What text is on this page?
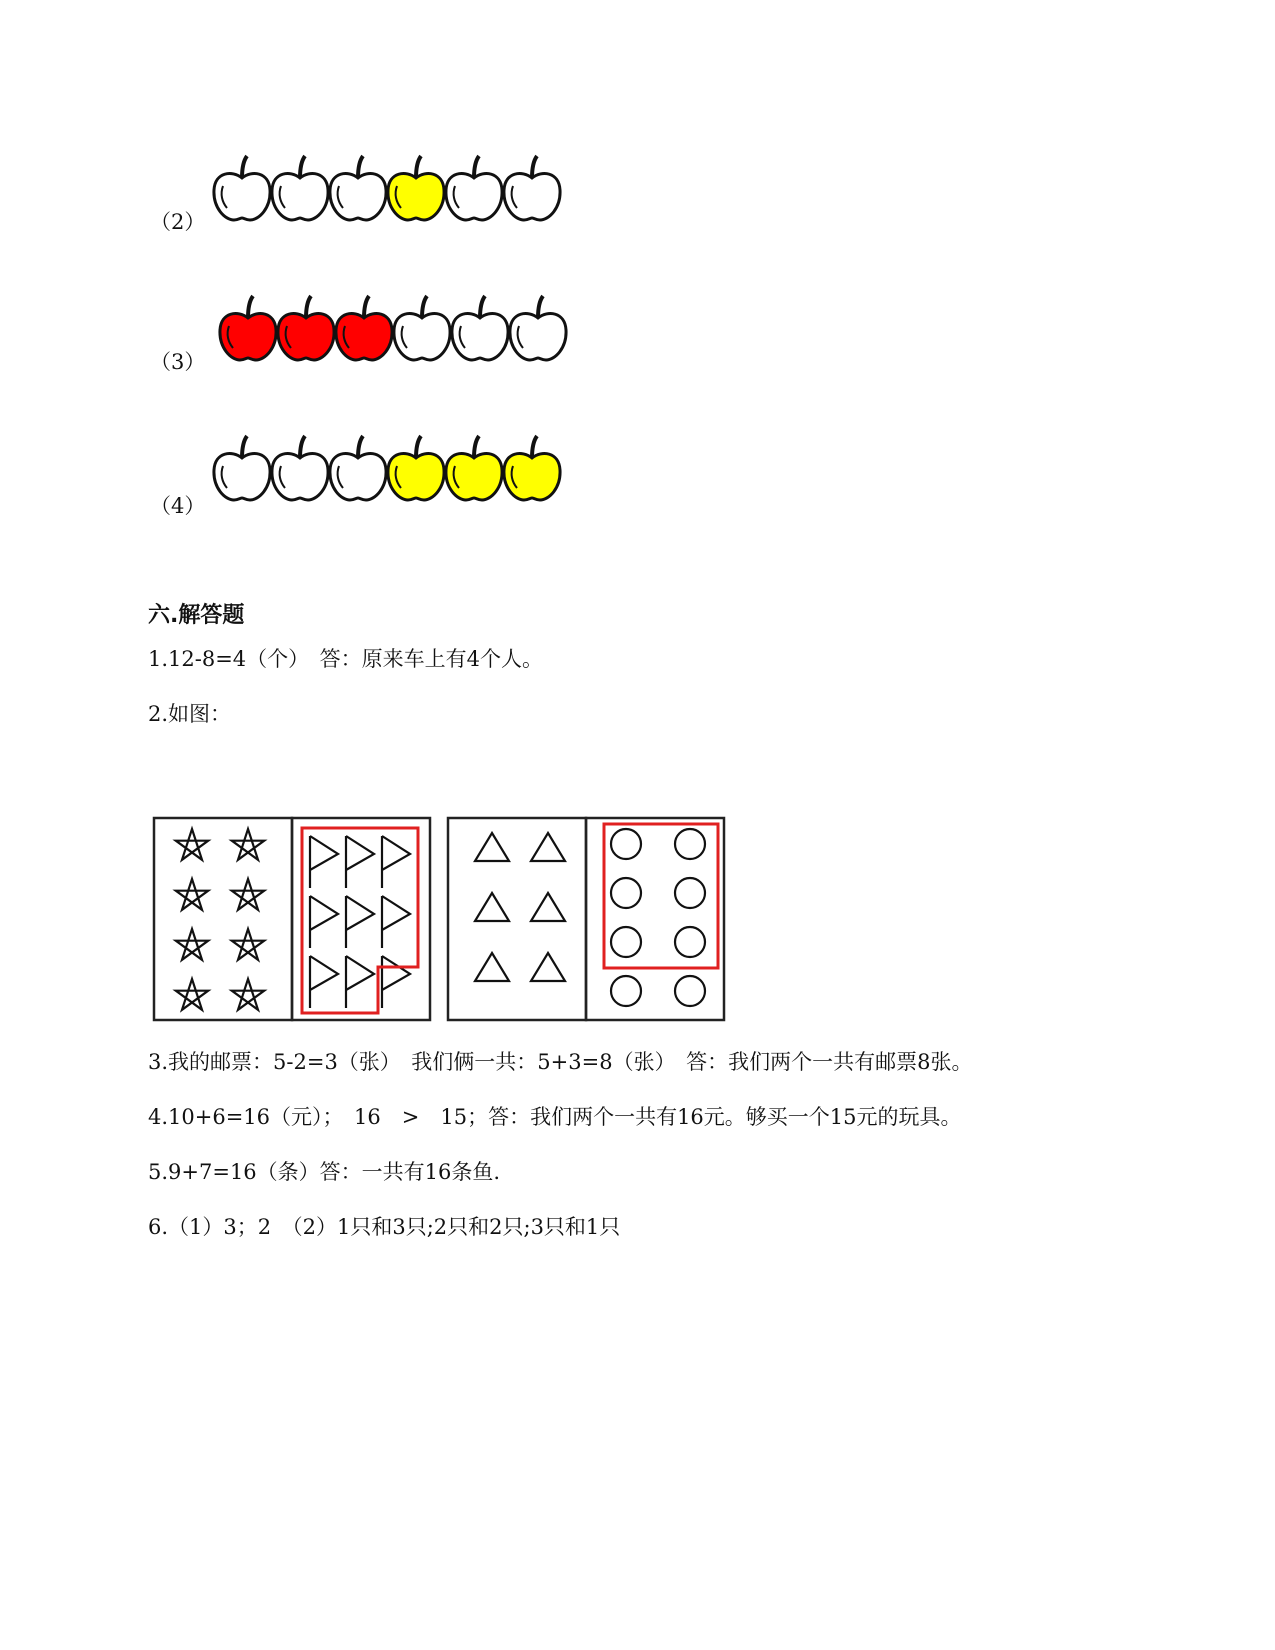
（2）
（3）
（4）
六.解答题
1.12-8=4（个）　答：原来车上有4个人。
2.如图：
3.我的邮票：5-2=3（张）　我们俩一共：5+3=8（张）　答：我们两个一共有邮票8张。
4.10+6=16（元）；　16　>　15；答：我们两个一共有16元。够买一个15元的玩具。
5.9+7=16（条）答：一共有16条鱼.
6.（1）3；2　（2）1只和3只;2只和2只;3只和1只
